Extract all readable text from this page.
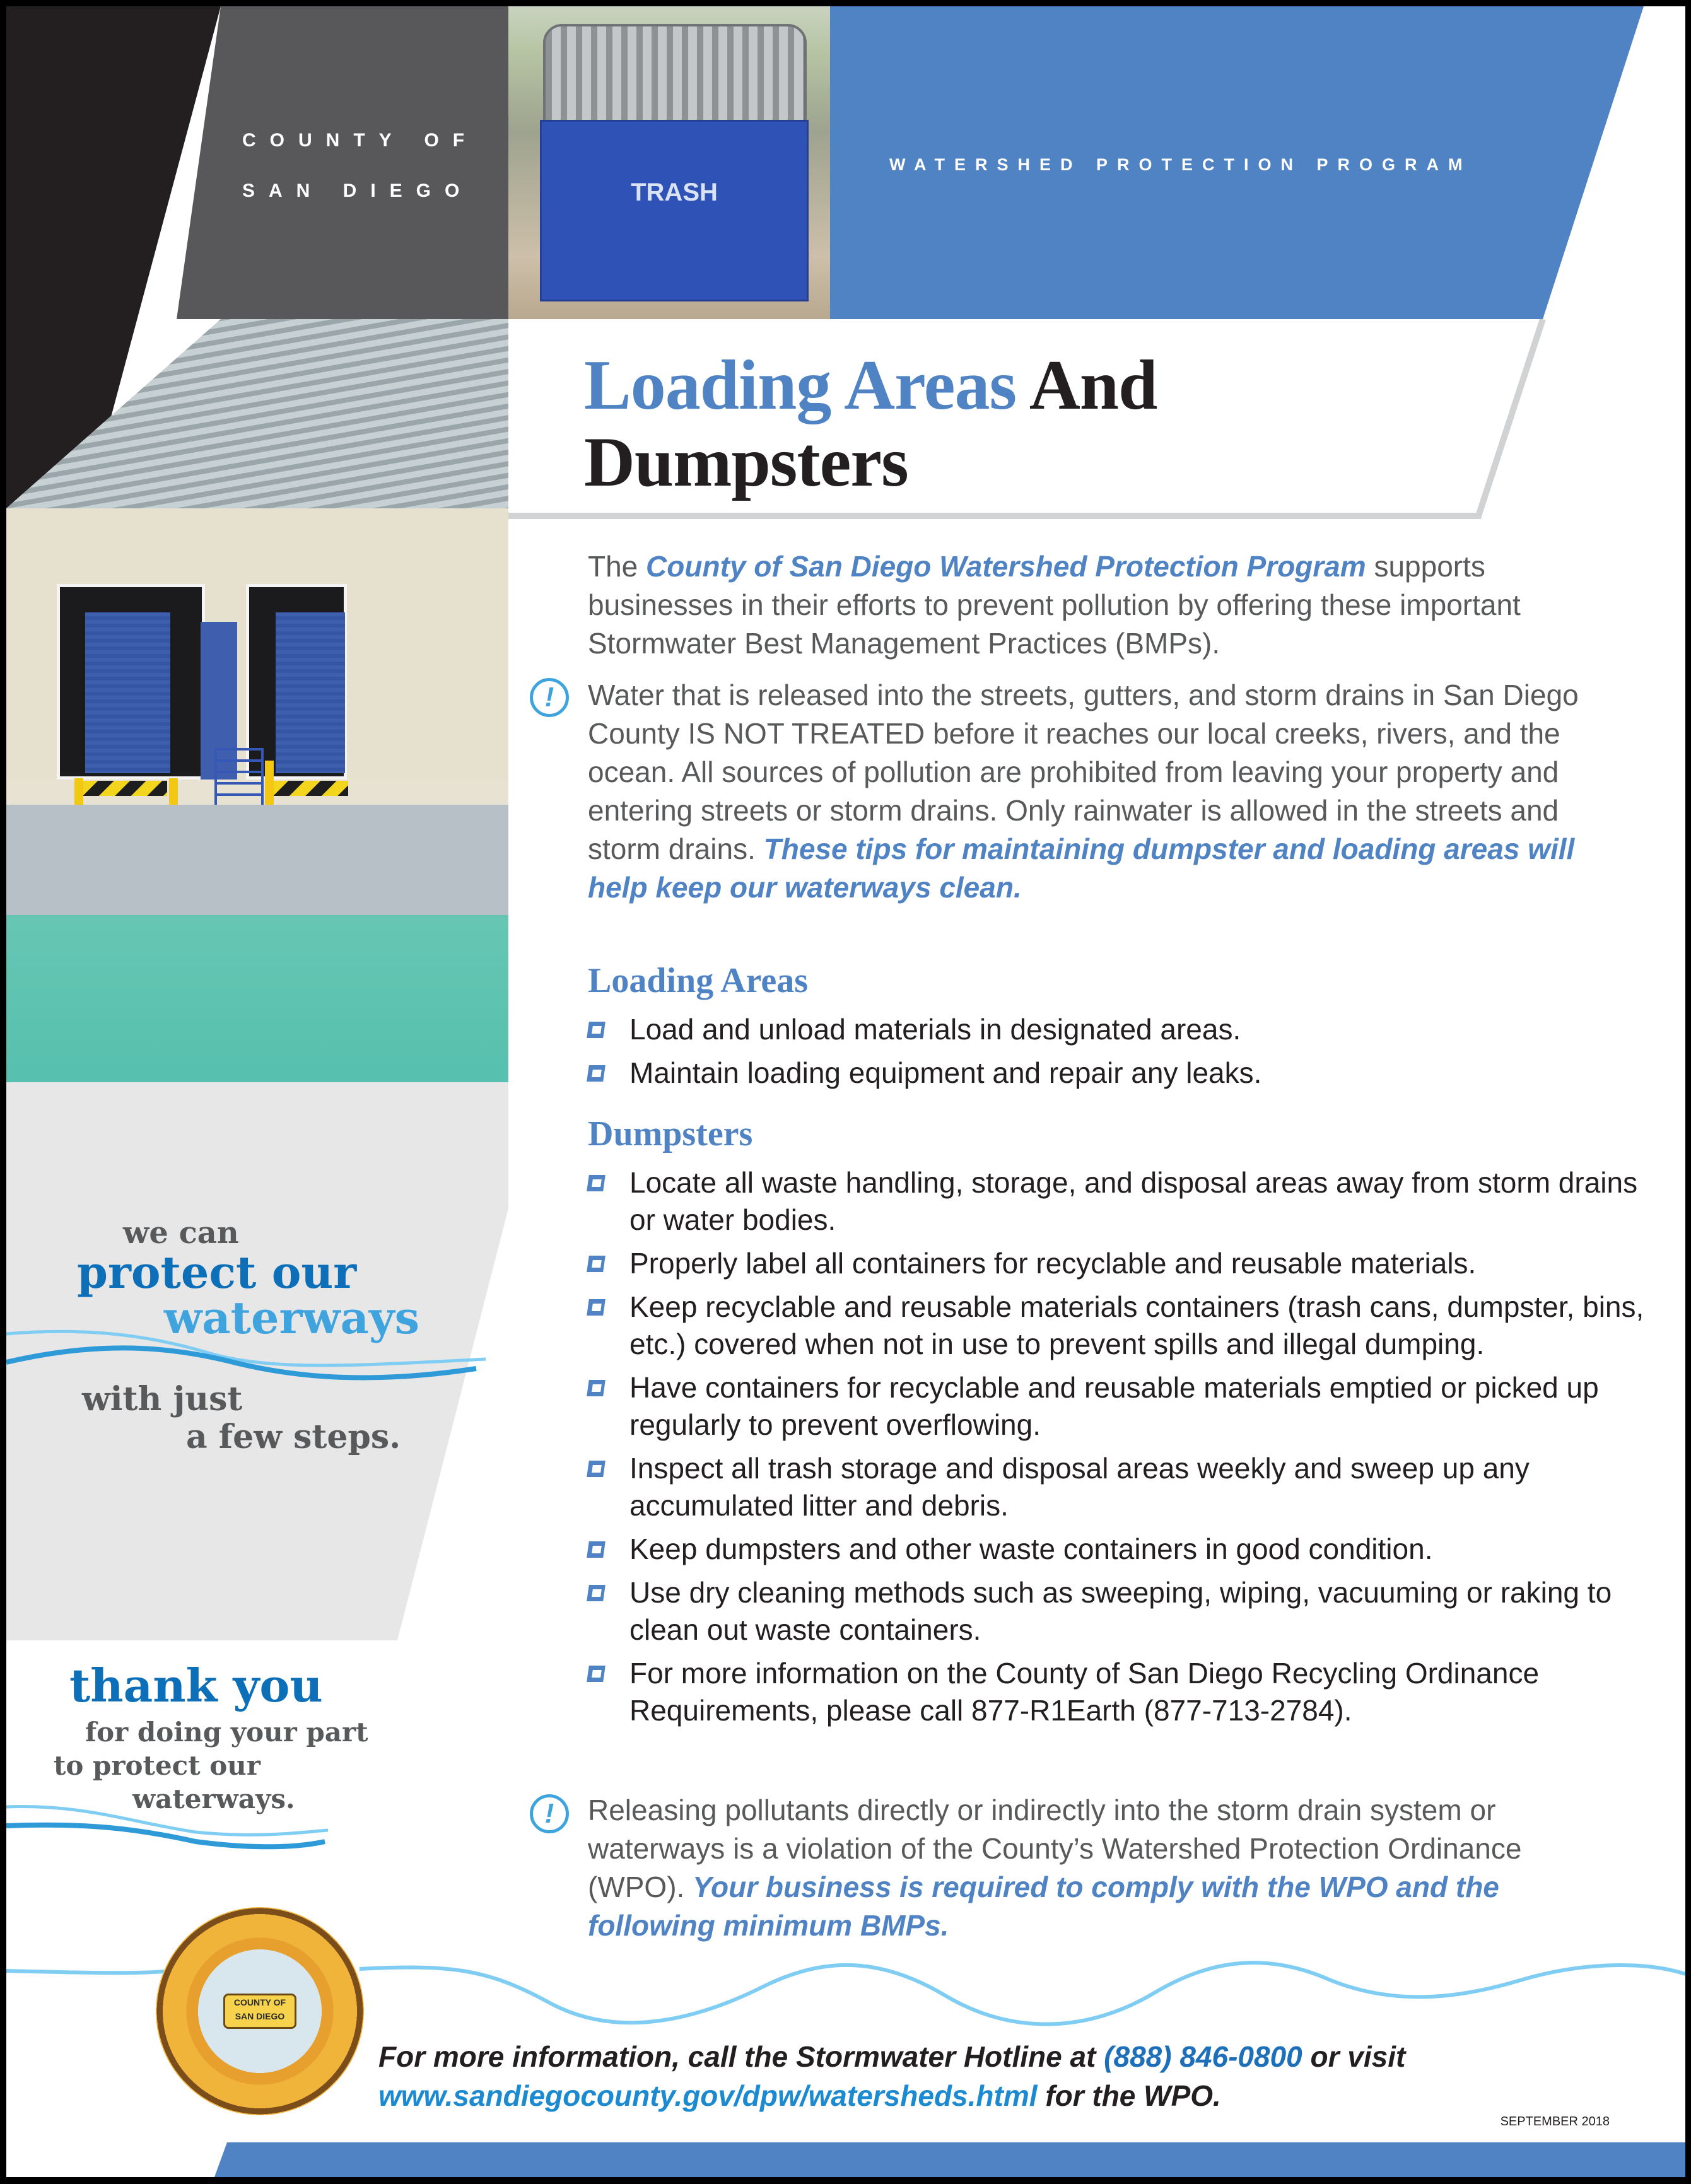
COUNTY OF
SAN DIEGO	TRASH
WATERSHED PROTECTION PROGRAM
Loading Areas And
Dumpsters
we can
protect our
waterways
with just
a few steps.
thank you
for doing your part
to protect our
waterways.
COUNTY OF SAN DIEGO
The County of San Diego Watershed Protection Program supports businesses in their efforts to prevent pollution by offering these important Stormwater Best Management Practices (BMPs).
!	Water that is released into the streets, gutters, and storm drains in San Diego County IS NOT TREATED before it reaches our local creeks, rivers, and the ocean. All sources of pollution are prohibited from leaving your property and entering streets or storm drains. Only rainwater is allowed in the streets and storm drains. These tips for maintaining dumpster and loading areas will help keep our waterways clean.
Loading Areas
Load and unload materials in designated areas.
Maintain loading equipment and repair any leaks.
Dumpsters
Locate all waste handling, storage, and disposal areas away from storm drains or water bodies.
Properly label all containers for recyclable and reusable materials.
Keep recyclable and reusable materials containers (trash cans, dumpster, bins, etc.) covered when not in use to prevent spills and illegal dumping.
Have containers for recyclable and reusable materials emptied or picked up regularly to prevent overflowing.
Inspect all trash storage and disposal areas weekly and sweep up any accumulated litter and debris.
Keep dumpsters and other waste containers in good condition.
Use dry cleaning methods such as sweeping, wiping, vacuuming or raking to clean out waste containers.
For more information on the County of San Diego Recycling Ordinance Requirements, please call 877-R1Earth (877-713-2784).
!	Releasing pollutants directly or indirectly into the storm drain system or waterways is a violation of the County’s Watershed Protection Ordinance (WPO). Your business is required to comply with the WPO and the following minimum BMPs.
For more information, call the Stormwater Hotline at (888) 846-0800 or visit
www.sandiegocounty.gov/dpw/watersheds.html for the WPO.
SEPTEMBER 2018
